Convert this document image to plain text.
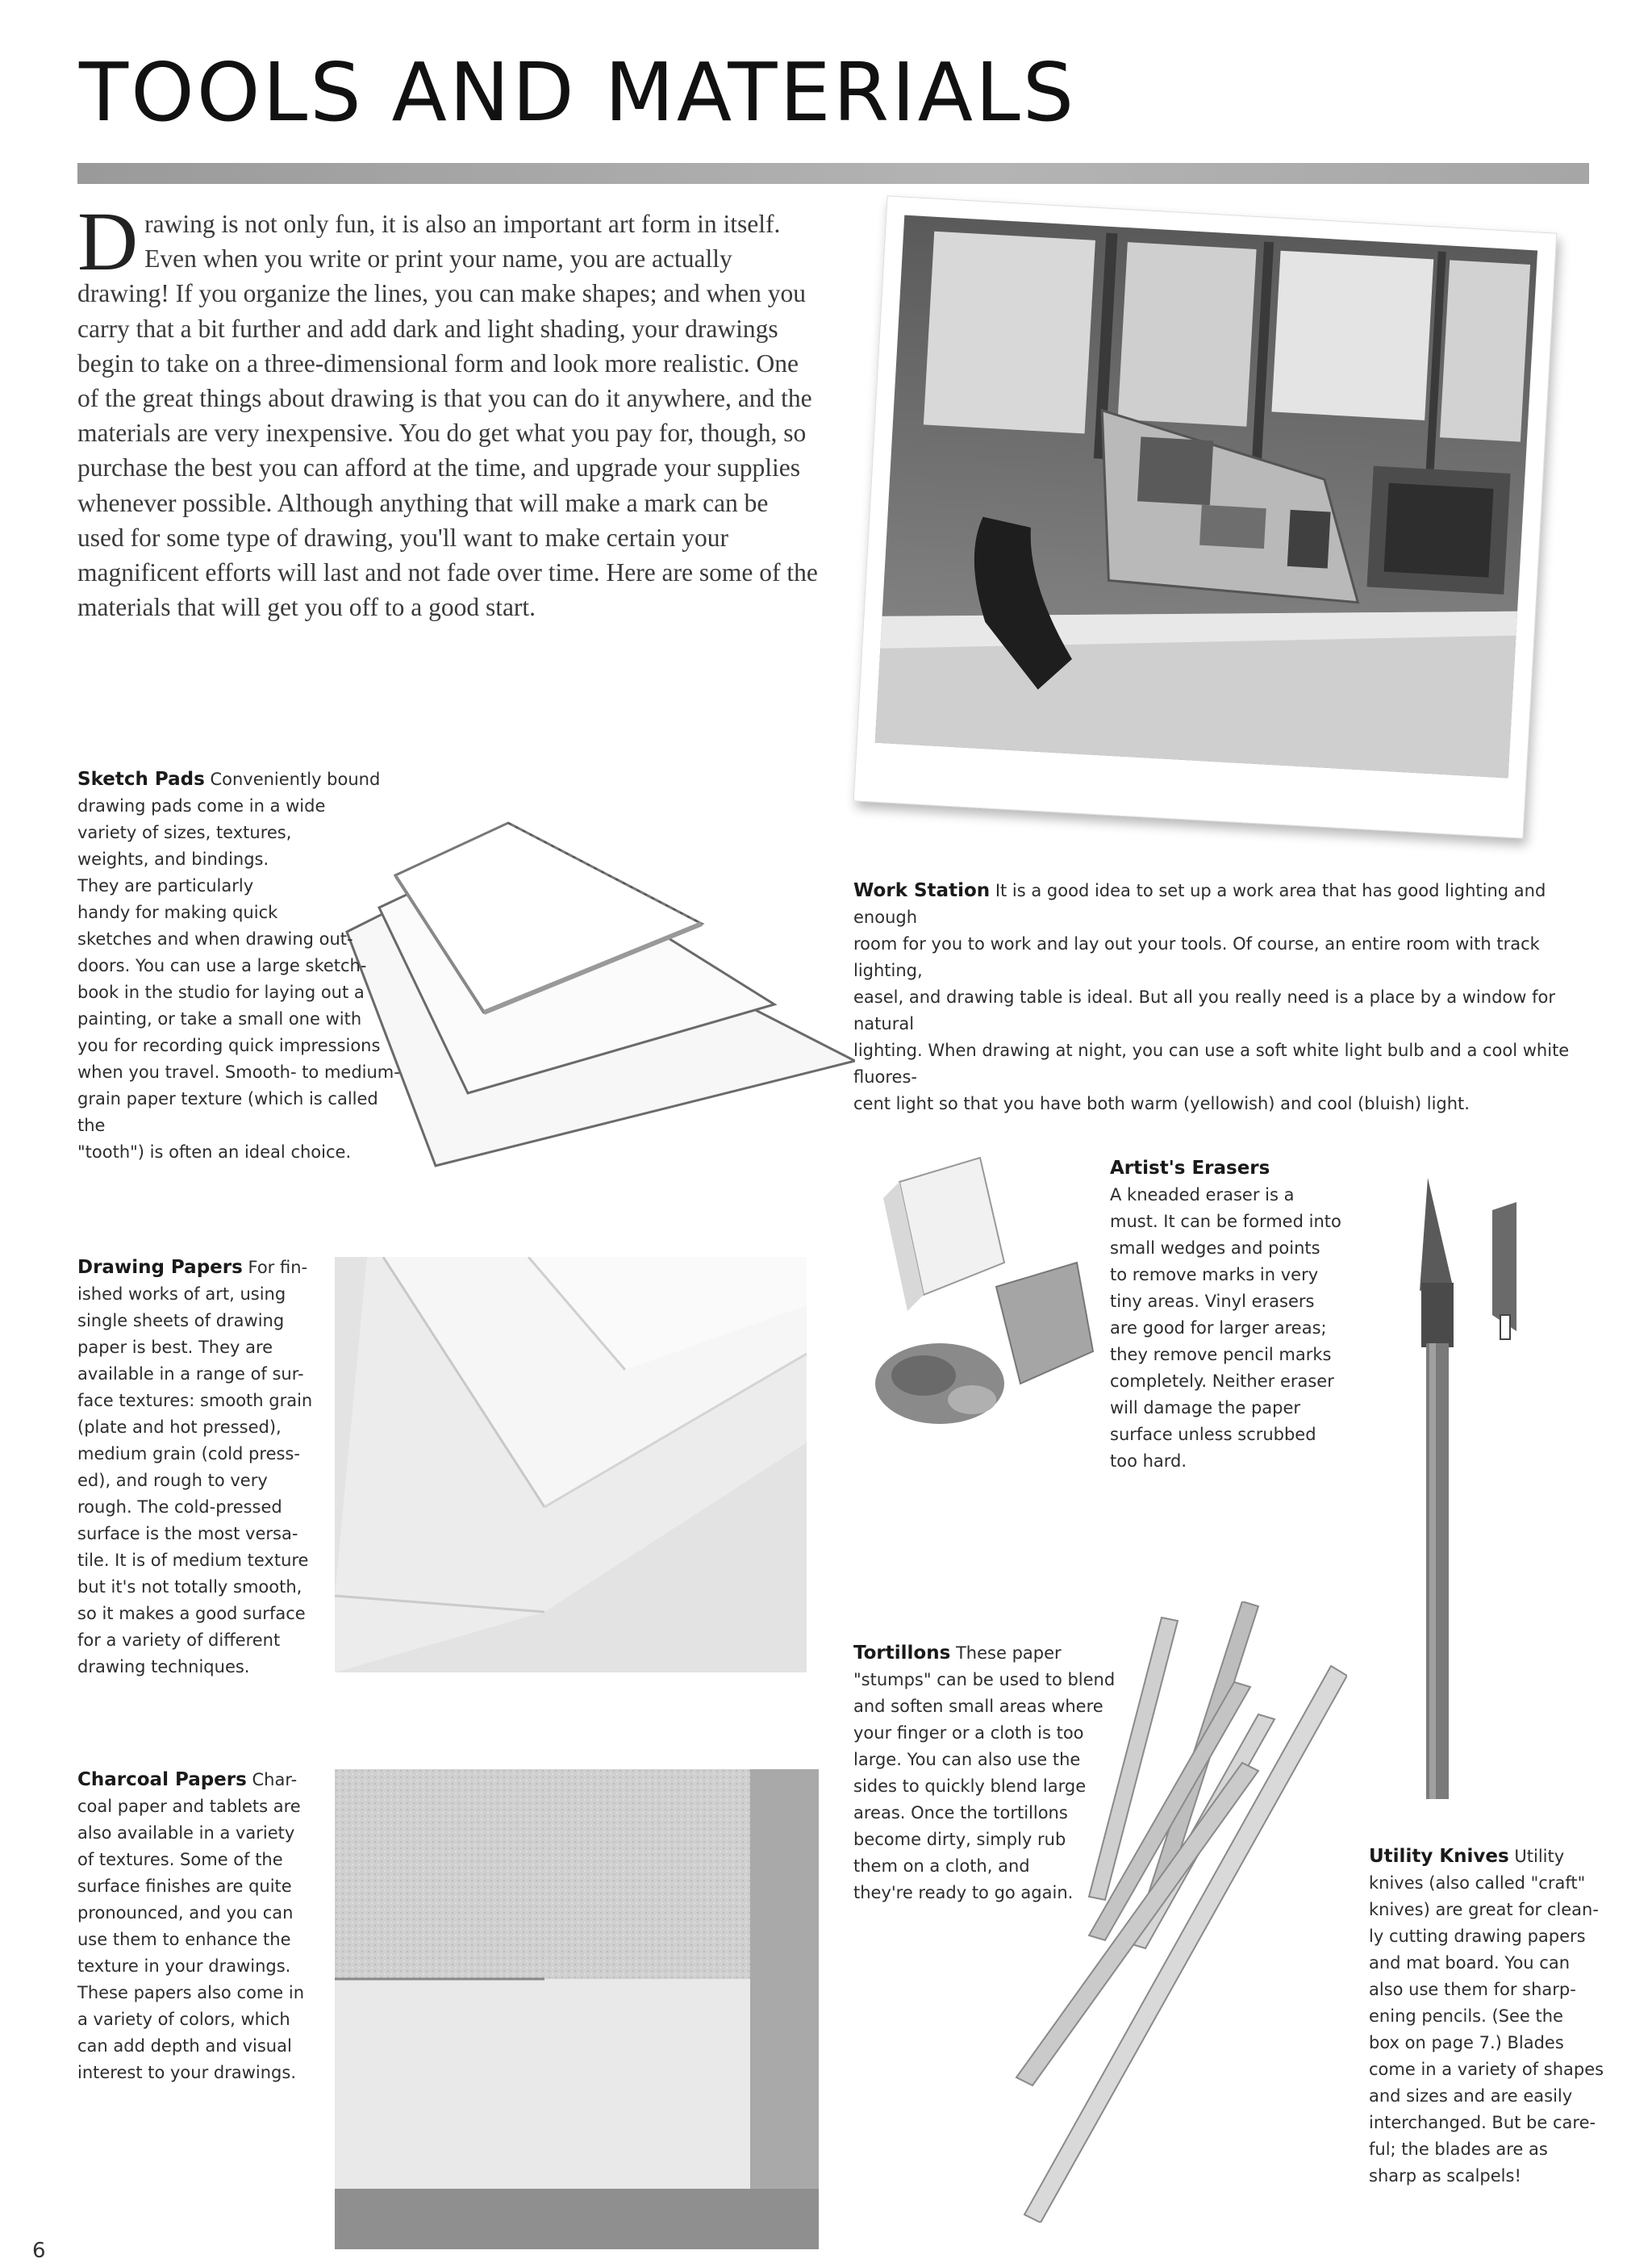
TOOLS AND MATERIALS

Drawing is not only fun, it is also an important art form in itself. Even when you write or print your name, you are actually drawing! If you organize the lines, you can make shapes; and when you carry that a bit further and add dark and light shading, your drawings begin to take on a three-dimensional form and look more realistic. One of the great things about drawing is that you can do it anywhere, and the materials are very inexpensive. You do get what you pay for, though, so purchase the best you can afford at the time, and upgrade your supplies whenever possible. Although anything that will make a mark can be used for some type of drawing, you'll want to make certain your magnificent efforts will last and not fade over time. Here are some of the materials that will get you off to a good start.

Sketch Pads Conveniently bound
drawing pads come in a wide
variety of sizes, textures,
weights, and bindings.
They are particularly
handy for making quick
sketches and when drawing out-
doors. You can use a large sketch-
book in the studio for laying out a
painting, or take a small one with
you for recording quick impressions
when you travel. Smooth- to medium-
grain paper texture (which is called the
"tooth") is often an ideal choice.

Work Station It is a good idea to set up a work area that has good lighting and enough
room for you to work and lay out your tools. Of course, an entire room with track lighting,
easel, and drawing table is ideal. But all you really need is a place by a window for natural
lighting. When drawing at night, you can use a soft white light bulb and a cool white fluores-
cent light so that you have both warm (yellowish) and cool (bluish) light.

Artist's Erasers
A kneaded eraser is a
must. It can be formed into
small wedges and points
to remove marks in very
tiny areas. Vinyl erasers
are good for larger areas;
they remove pencil marks
completely. Neither eraser
will damage the paper
surface unless scrubbed
too hard.

Drawing Papers For fin-
ished works of art, using
single sheets of drawing
paper is best. They are
available in a range of sur-
face textures: smooth grain
(plate and hot pressed),
medium grain (cold press-
ed), and rough to very
rough. The cold-pressed
surface is the most versa-
tile. It is of medium texture
but it's not totally smooth,
so it makes a good surface
for a variety of different
drawing techniques.

Tortillons These paper
"stumps" can be used to blend
and soften small areas where
your finger or a cloth is too
large. You can also use the
sides to quickly blend large
areas. Once the tortillons
become dirty, simply rub
them on a cloth, and
they're ready to go again.

Charcoal Papers Char-
coal paper and tablets are
also available in a variety
of textures. Some of the
surface finishes are quite
pronounced, and you can
use them to enhance the
texture in your drawings.
These papers also come in
a variety of colors, which
can add depth and visual
interest to your drawings.

Utility Knives Utility
knives (also called "craft"
knives) are great for clean-
ly cutting drawing papers
and mat board. You can
also use them for sharp-
ening pencils. (See the
box on page 7.) Blades
come in a variety of shapes
and sizes and are easily
interchanged. But be care-
ful; the blades are as
sharp as scalpels!

6
